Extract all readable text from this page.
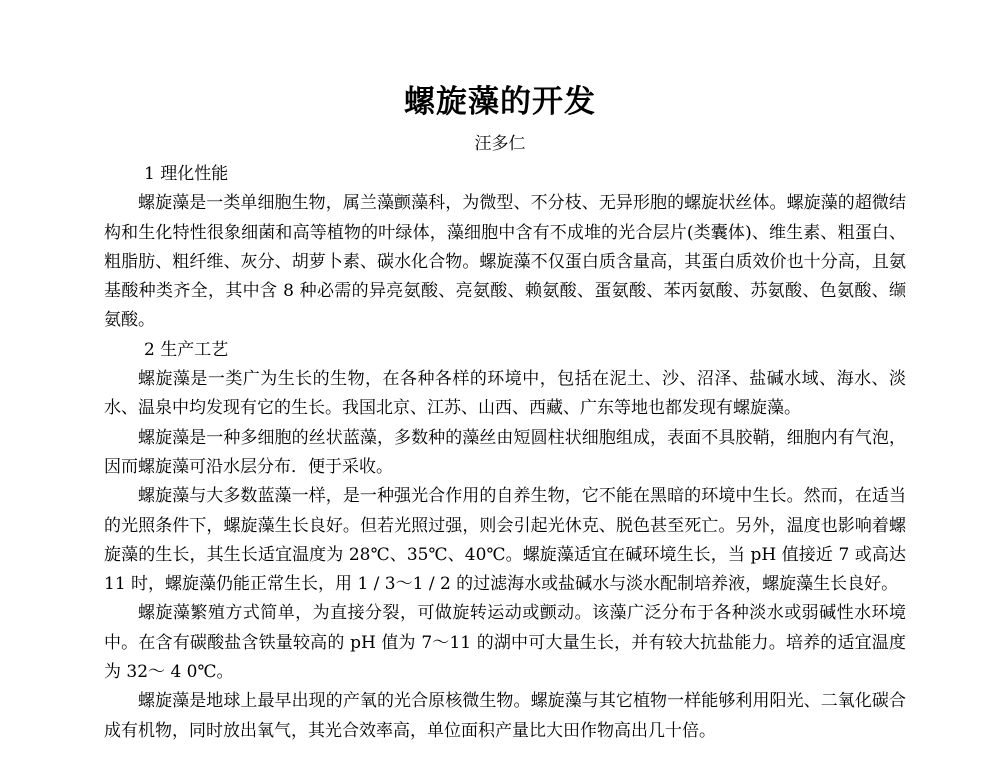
螺旋藻的开发
汪多仁

1 理化性能

螺旋藻是一类单细胞生物，属兰藻颤藻科，为微型、不分枝、无异形胞的螺旋状丝体。螺旋藻的超微结构和生化特性很象细菌和高等植物的叶绿体，藻细胞中含有不成堆的光合层片(类囊体)、维生素、粗蛋白、粗脂肪、粗纤维、灰分、胡萝卜素、碳水化合物。螺旋藻不仅蛋白质含量高，其蛋白质效价也十分高，且氨基酸种类齐全，其中含 8 种必需的异亮氨酸、亮氨酸、赖氨酸、蛋氨酸、苯丙氨酸、苏氨酸、色氨酸、缬氨酸。

2 生产工艺

螺旋藻是一类广为生长的生物，在各种各样的环境中，包括在泥土、沙、沼泽、盐碱水域、海水、淡水、温泉中均发现有它的生长。我国北京、江苏、山西、西藏、广东等地也都发现有螺旋藻。

螺旋藻是一种多细胞的丝状蓝藻，多数种的藻丝由短圆柱状细胞组成，表面不具胶鞘，细胞内有气泡，因而螺旋藻可沿水层分布．便于采收。

螺旋藻与大多数蓝藻一样，是一种强光合作用的自养生物，它不能在黑暗的环境中生长。然而，在适当的光照条件下，螺旋藻生长良好。但若光照过强，则会引起光休克、脱色甚至死亡。另外，温度也影响着螺旋藻的生长，其生长适宜温度为 28℃、35℃、40℃。螺旋藻适宜在碱环境生长，当 pH 值接近 7 或高达 11 时，螺旋藻仍能正常生长，用 1 / 3～1 / 2 的过滤海水或盐碱水与淡水配制培养液，螺旋藻生长良好。

螺旋藻繁殖方式简单，为直接分裂，可做旋转运动或颤动。该藻广泛分布于各种淡水或弱碱性水环境中。在含有碳酸盐含铁量较高的 pH 值为 7～11 的湖中可大量生长，并有较大抗盐能力。培养的适宜温度为 32～ 4 0℃。

螺旋藻是地球上最早出现的产氧的光合原核微生物。螺旋藻与其它植物一样能够利用阳光、二氧化碳合成有机物，同时放出氧气，其光合效率高，单位面积产量比大田作物高出几十倍。
